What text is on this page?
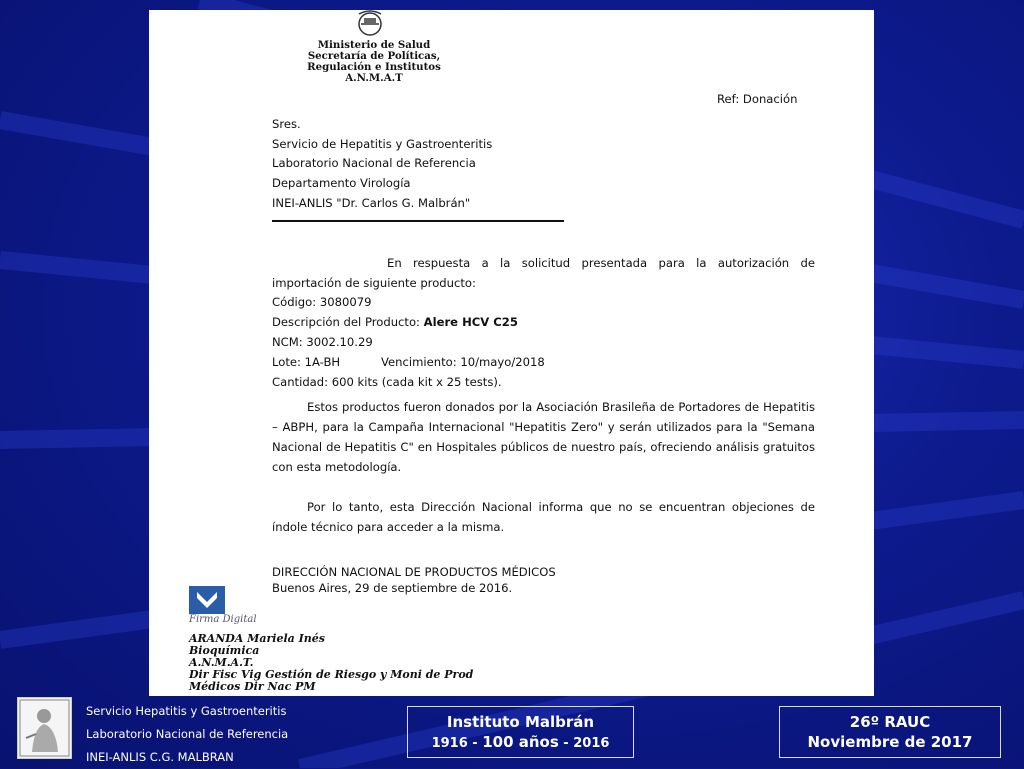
Ministerio de Salud
Secretaría de Políticas,
Regulación e Institutos
A.N.M.A.T
Ref: Donación
Sres.
Servicio de Hepatitis y Gastroenteritis
Laboratorio Nacional de Referencia
Departamento Virología
INEI-ANLIS "Dr. Carlos G. Malbrán"
En respuesta a la solicitud presentada para la autorización de importación de siguiente producto:
Código: 3080079
Descripción del Producto: Alere HCV C25
NCM: 3002.10.29
Lote: 1A-BH	Vencimiento: 10/mayo/2018
Cantidad: 600 kits (cada kit x 25 tests).
Estos productos fueron donados por la Asociación Brasileña de Portadores de Hepatitis – ABPH, para la Campaña Internacional "Hepatitis Zero" y serán utilizados para la "Semana Nacional de Hepatitis C" en Hospitales públicos de nuestro país, ofreciendo análisis gratuitos con esta metodología.
Por lo tanto, esta Dirección Nacional informa que no se encuentran objeciones de índole técnico para acceder a la misma.
DIRECCIÓN NACIONAL DE PRODUCTOS MÉDICOS
Buenos Aires, 29 de septiembre de 2016.
Firma Digital
ARANDA Mariela Inés
Bioquímica
A.N.M.A.T.
Dir Fisc Vig Gestión de Riesgo y Moni de Prod
Médicos Dir Nac PM
Servicio Hepatitis y Gastroenteritis
Laboratorio Nacional de Referencia
INEI-ANLIS C.G. MALBRAN
Instituto Malbrán
1916 - 100 años - 2016
26º RAUC
Noviembre de 2017
